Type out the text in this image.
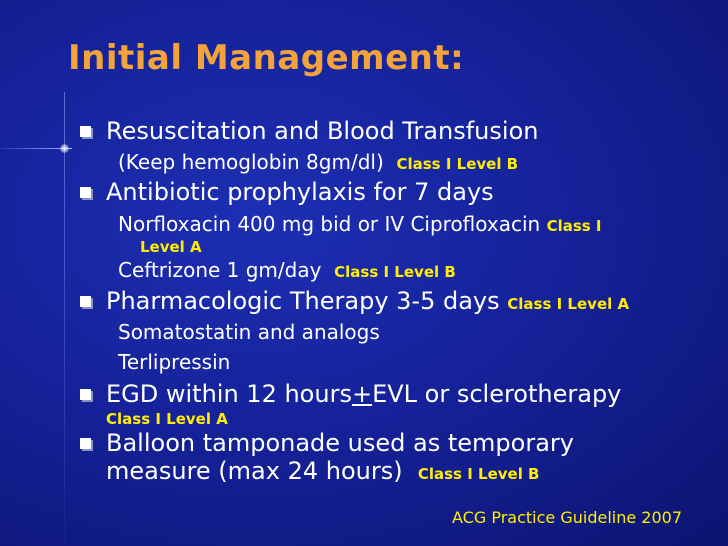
Initial Management:
Resuscitation and Blood Transfusion
(Keep hemoglobin 8gm/dl) Class I Level B
Antibiotic prophylaxis for 7 days
Norfloxacin 400 mg bid or IV Ciprofloxacin Class I
Level A
Ceftrizone 1 gm/day Class I Level B
Pharmacologic Therapy 3-5 days Class I Level A
Somatostatin and analogs
Terlipressin
EGD within 12 hours+EVL or sclerotherapy
Class I Level A
Balloon tamponade used as temporary
measure (max 24 hours) Class I Level B
ACG Practice Guideline 2007
